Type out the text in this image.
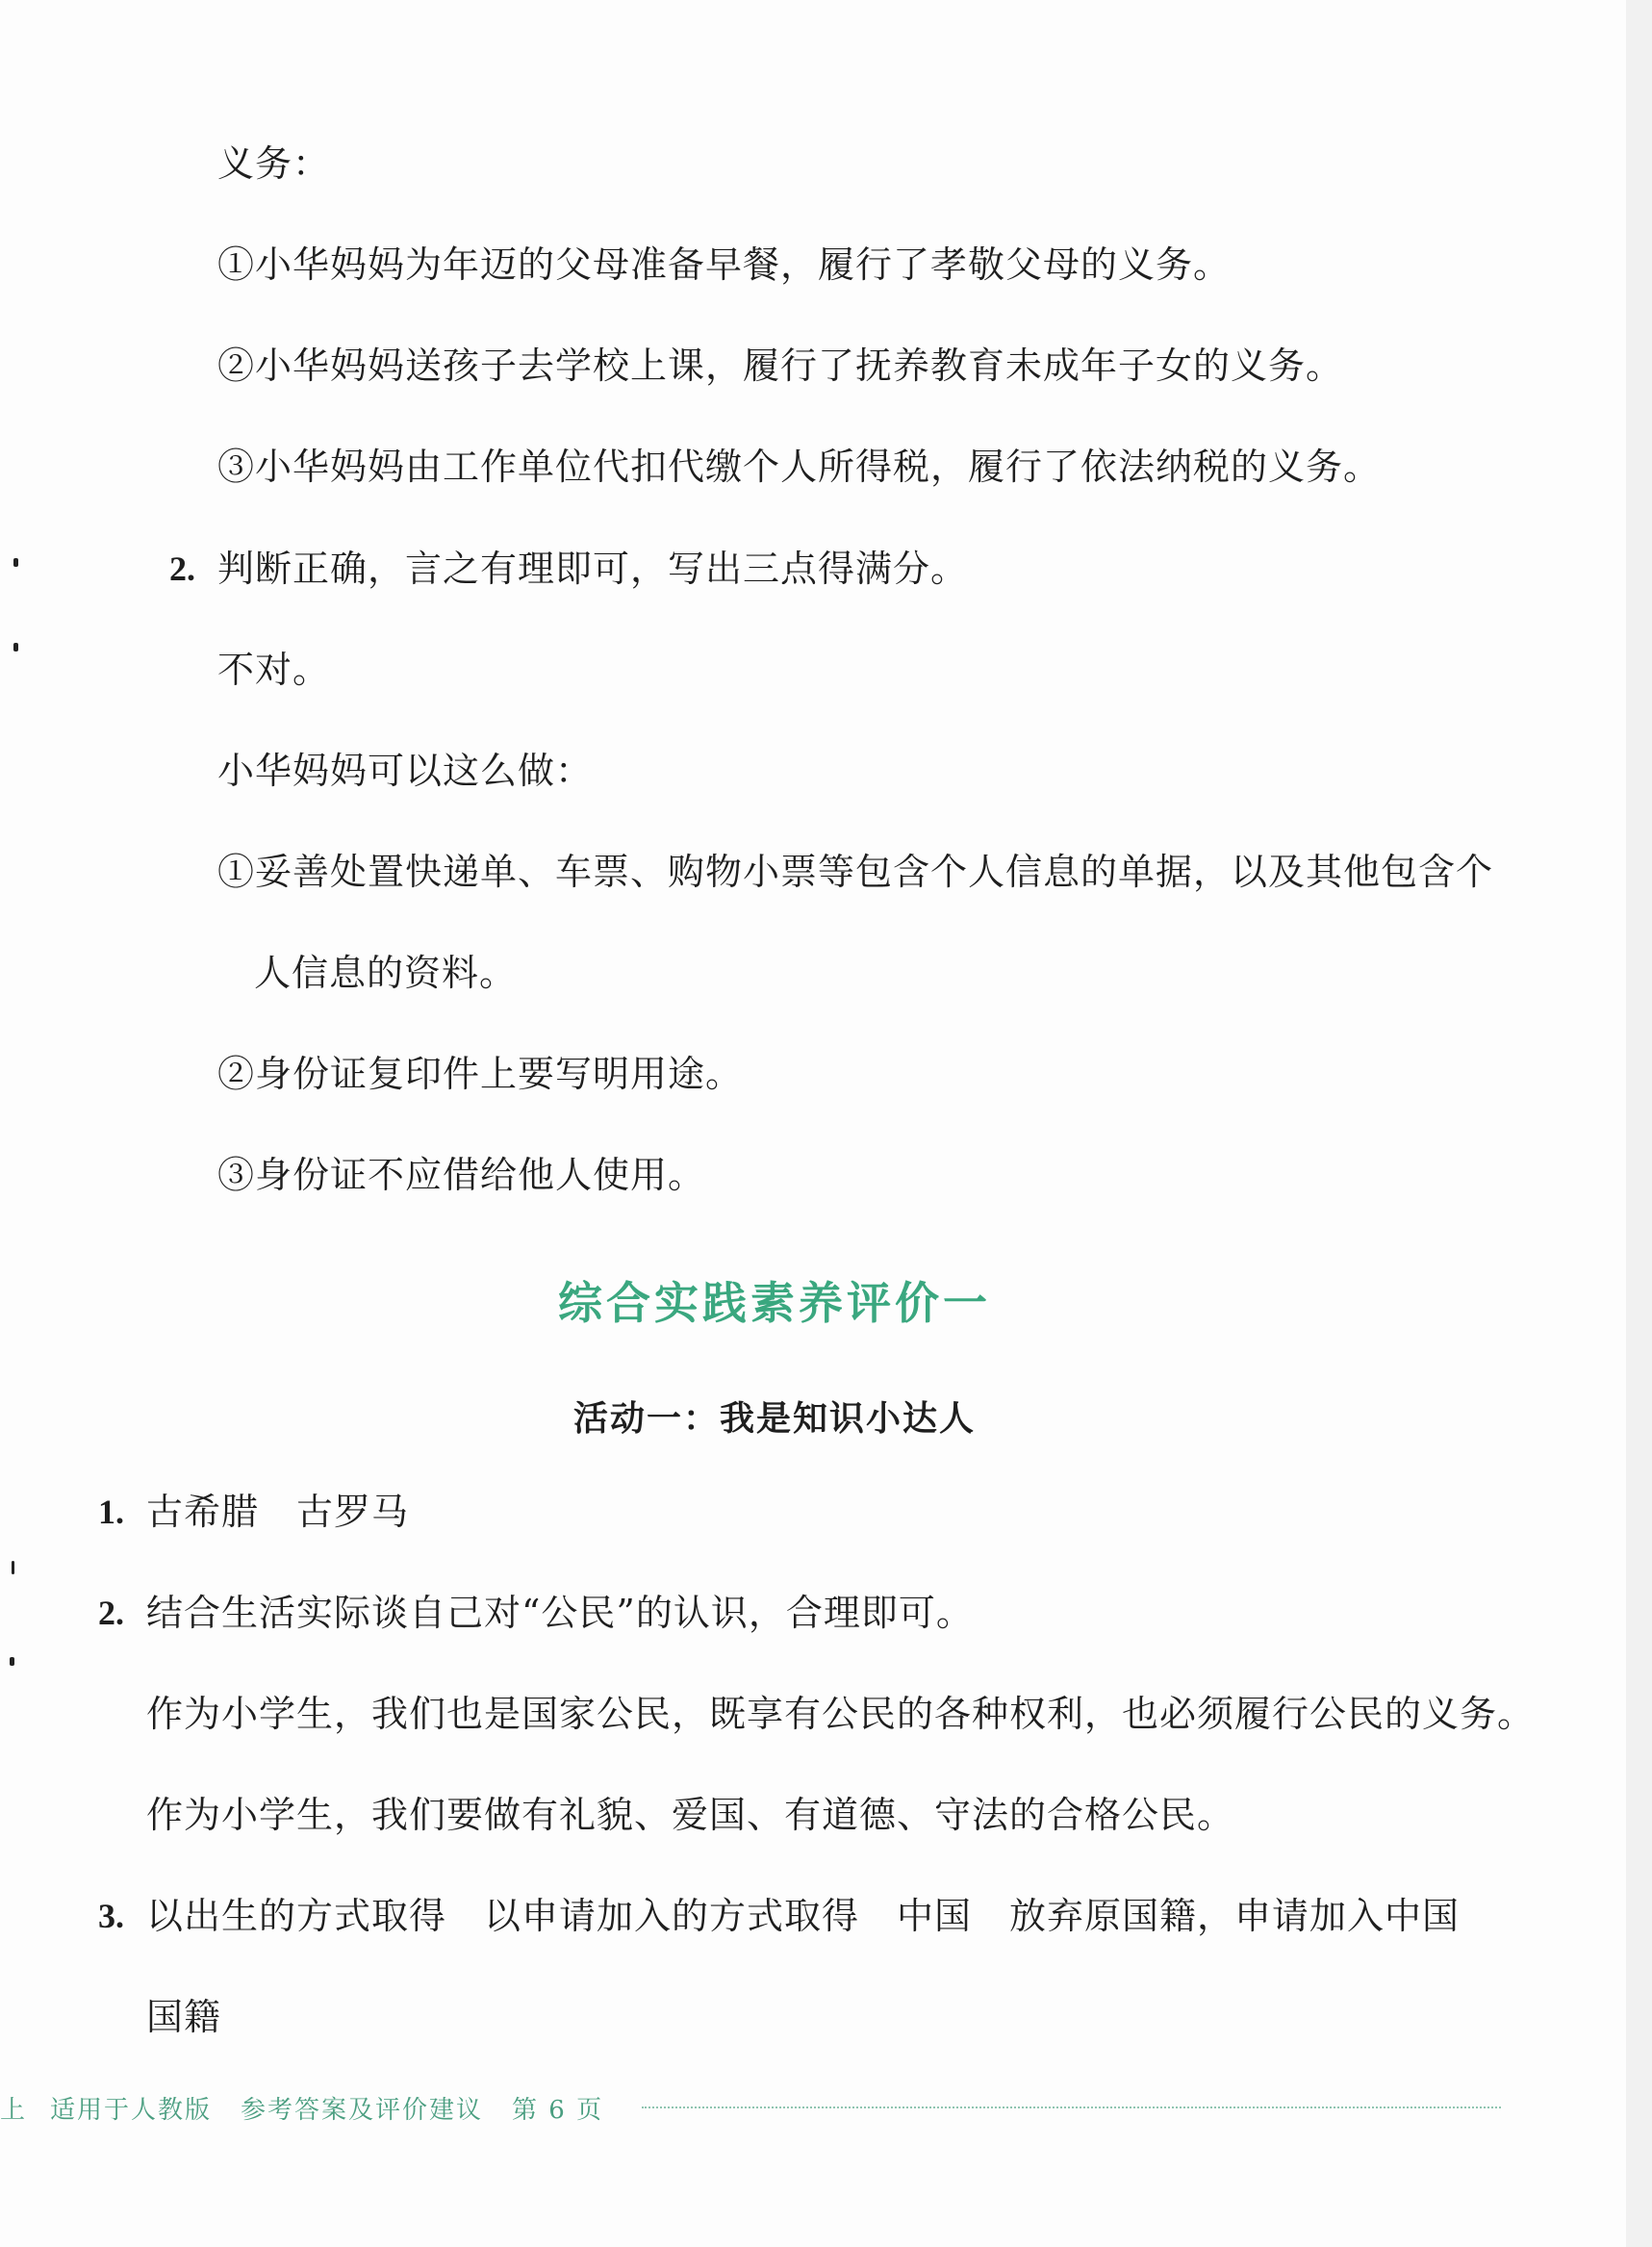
义务：
①小华妈妈为年迈的父母准备早餐，履行了孝敬父母的义务。
②小华妈妈送孩子去学校上课，履行了抚养教育未成年子女的义务。
③小华妈妈由工作单位代扣代缴个人所得税，履行了依法纳税的义务。
2. 判断正确，言之有理即可，写出三点得满分。
不对。
小华妈妈可以这么做：
①妥善处置快递单、车票、购物小票等包含个人信息的单据，以及其他包含个
人信息的资料。
②身份证复印件上要写明用途。
③身份证不应借给他人使用。
综合实践素养评价一
活动一：我是知识小达人
1. 古希腊　古罗马
2. 结合生活实际谈自己对“公民”的认识，合理即可。
作为小学生，我们也是国家公民，既享有公民的各种权利，也必须履行公民的义务。
作为小学生，我们要做有礼貌、爱国、有道德、守法的合格公民。
3. 以出生的方式取得　以申请加入的方式取得　中国　放弃原国籍，申请加入中国
国籍
上 适用于人教版 参考答案及评价建议 第 6 页
